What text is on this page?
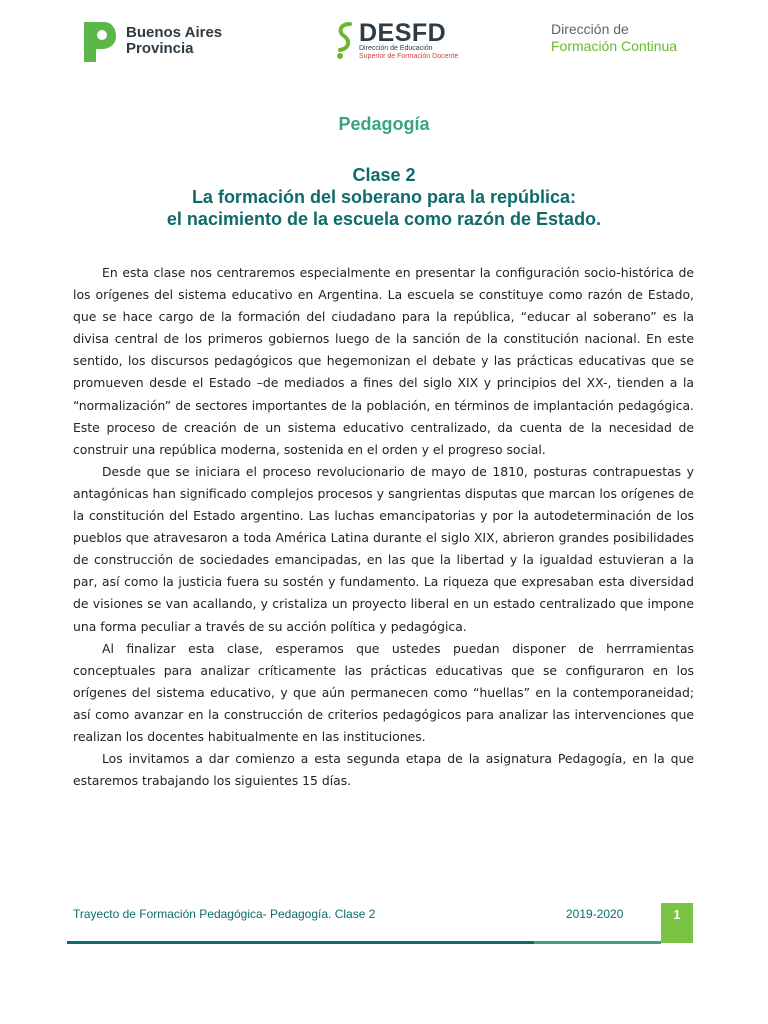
Buenos Aires
Provincia
DESFD
Dirección de Educación
Superior de Formación Docente
Dirección de
Formación Continua
Pedagogía
Clase 2
La formación del soberano para la república:
el nacimiento de la escuela como razón de Estado.

En esta clase nos centraremos especialmente en presentar la configuración socio-histórica de los orígenes del sistema educativo en Argentina. La escuela se constituye como razón de Estado, que se hace cargo de la formación del ciudadano para la república, “educar al soberano” es la divisa central de los primeros gobiernos luego de la sanción de la constitución nacional. En este sentido, los discursos pedagógicos que hegemonizan el debate y las prácticas educativas que se promueven desde el Estado –de mediados a fines del siglo XIX y principios del XX-, tienden a la “normalización” de sectores importantes de la población, en términos de implantación pedagógica. Este proceso de creación de un sistema educativo centralizado, da cuenta de la necesidad de construir una república moderna, sostenida en el orden y el progreso social.

Desde que se iniciara el proceso revolucionario de mayo de 1810, posturas contrapuestas y antagónicas han significado complejos procesos y sangrientas disputas que marcan los orígenes de la constitución del Estado argentino. Las luchas emancipatorias y por la autodeterminación de los pueblos que atravesaron a toda América Latina durante el siglo XIX, abrieron grandes posibilidades de construcción de sociedades emancipadas, en las que la libertad y la igualdad estuvieran a la par, así como la justicia fuera su sostén y fundamento. La riqueza que expresaban esta diversidad de visiones se van acallando, y cristaliza un proyecto liberal en un estado centralizado que impone una forma peculiar a través de su acción política y pedagógica.

Al finalizar esta clase, esperamos que ustedes puedan disponer de herrramientas conceptuales para analizar críticamente las prácticas educativas que se configuraron en los orígenes del sistema educativo, y que aún permanecen como “huellas” en la contemporaneidad; así como avanzar en la construcción de criterios pedagógicos para analizar las intervenciones que realizan los docentes habitualmente en las instituciones.

Los invitamos a dar comienzo a esta segunda etapa de la asignatura Pedagogía, en la que estaremos trabajando los siguientes 15 días.

Trayecto de Formación Pedagógica- Pedagogía. Clase 2	2019-2020	1
